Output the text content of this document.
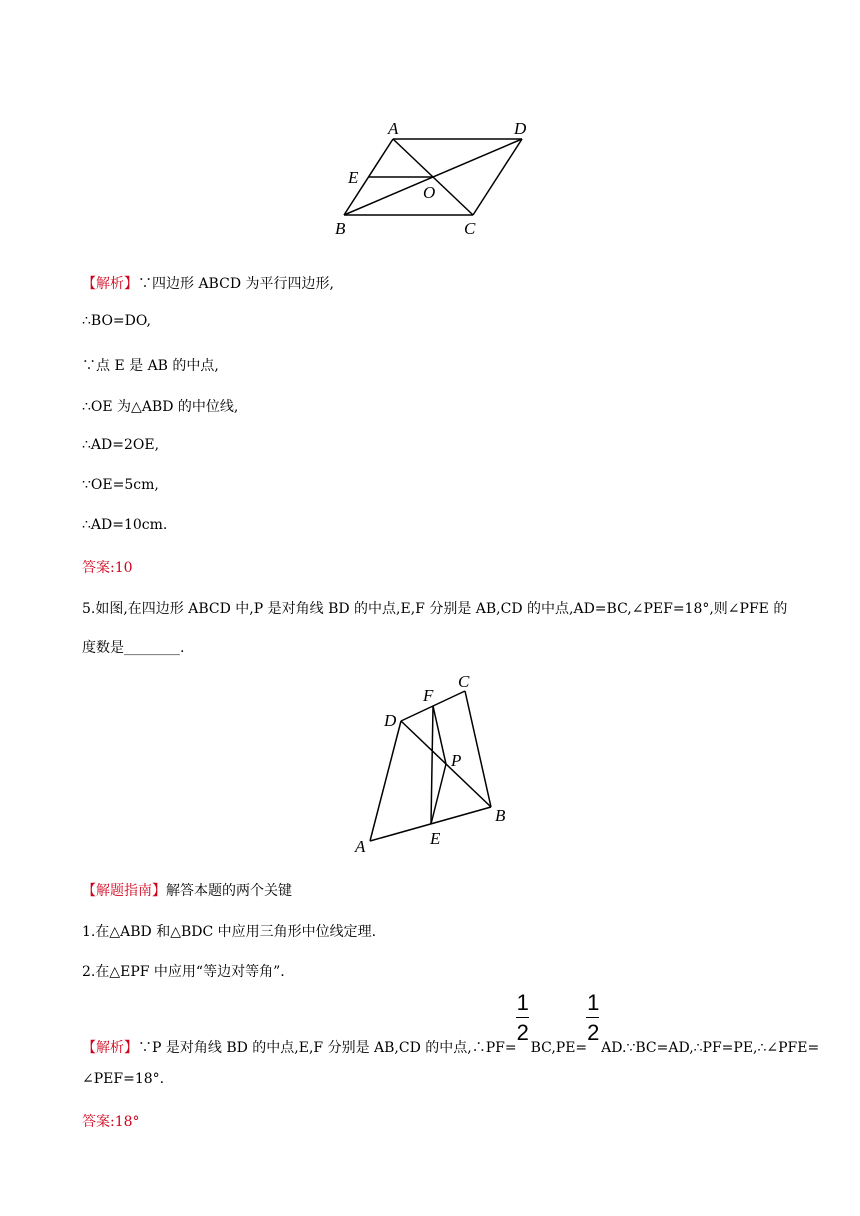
A	D
E
O
B	C
【解析】∵四边形 ABCD 为平行四边形,
∴BO=DO,
∵点 E 是 AB 的中点,
∴OE 为△ABD 的中位线,
∴AD=2OE,
∵OE=5cm,
∴AD=10cm.
答案:10
5.如图,在四边形 ABCD 中,P 是对角线 BD 的中点,E,F 分别是 AB,CD 的中点,AD=BC,∠PEF=18°,则∠PFE 的
度数是________.
F
C
D
P
B
E
A
【解题指南】解答本题的两个关键
1.在△ABD 和△BDC 中应用三角形中位线定理.
2.在△EPF 中应用“等边对等角”.
【解析】∵P 是对角线 BD 的中点,E,F 分别是 AB,CD 的中点,∴PF= $\frac{1}{2} BC,PE= \frac{1}{2}$ AD.∵BC=AD,∴PF=PE,∴∠PFE=
∠PEF=18°.
答案:18°
